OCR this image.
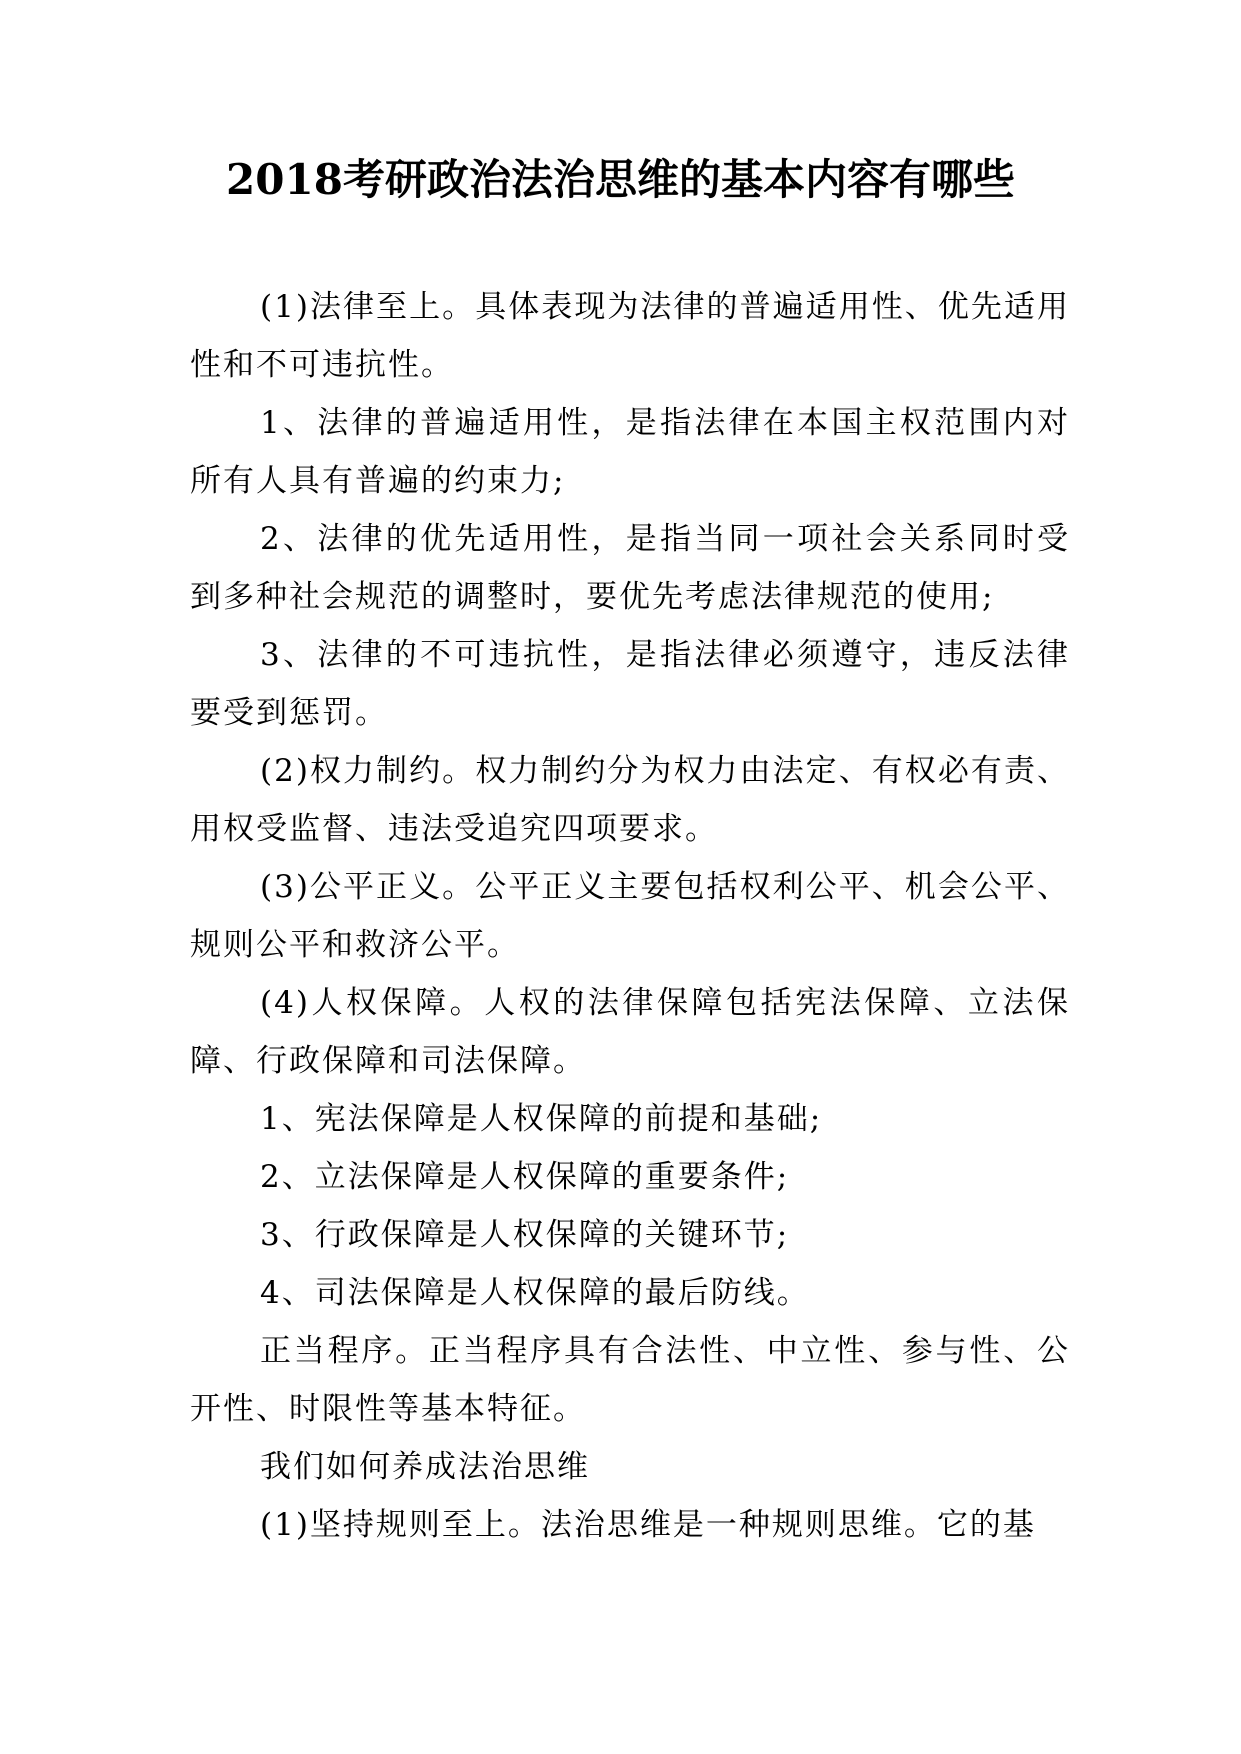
2018考研政治法治思维的基本内容有哪些

(1)法律至上。具体表现为法律的普遍适用性、优先适用性和不可违抗性。

1、法律的普遍适用性，是指法律在本国主权范围内对所有人具有普遍的约束力;

2、法律的优先适用性，是指当同一项社会关系同时受到多种社会规范的调整时，要优先考虑法律规范的使用;

3、法律的不可违抗性，是指法律必须遵守，违反法律要受到惩罚。

(2)权力制约。权力制约分为权力由法定、有权必有责、用权受监督、违法受追究四项要求。

(3)公平正义。公平正义主要包括权利公平、机会公平、规则公平和救济公平。

(4)人权保障。人权的法律保障包括宪法保障、立法保障、行政保障和司法保障。

1、宪法保障是人权保障的前提和基础;

2、立法保障是人权保障的重要条件;

3、行政保障是人权保障的关键环节;

4、司法保障是人权保障的最后防线。

正当程序。正当程序具有合法性、中立性、参与性、公开性、时限性等基本特征。

我们如何养成法治思维

(1)坚持规则至上。法治思维是一种规则思维。它的基
